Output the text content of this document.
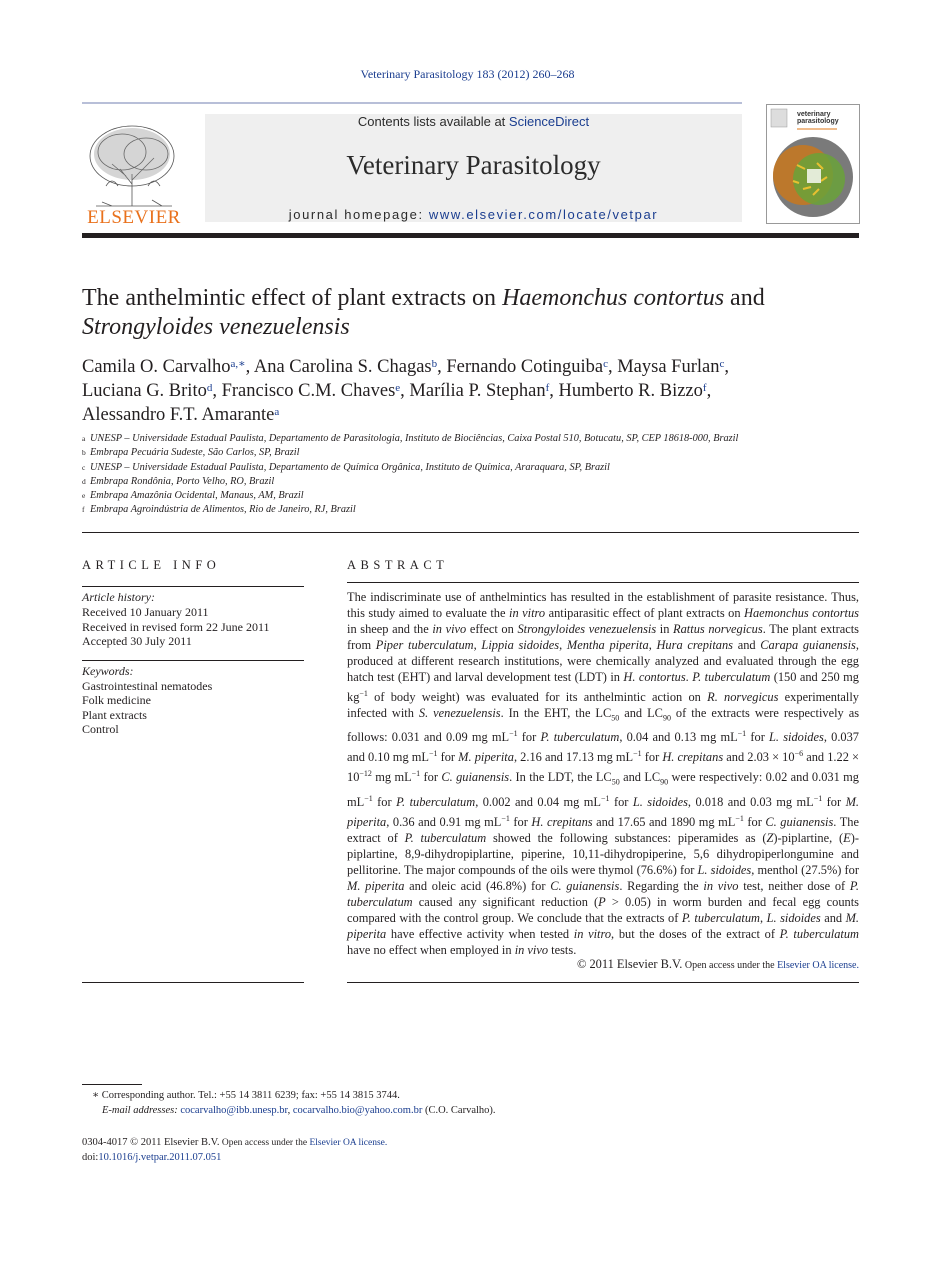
Veterinary Parasitology 183 (2012) 260–268
ELSEVIER
Contents lists available at ScienceDirect
Veterinary Parasitology
journal homepage: www.elsevier.com/locate/vetpar
veterinary parasitology
The anthelmintic effect of plant extracts on Haemonchus contortus and
Strongyloides venezuelensis
Camila O. Carvalho$^{a,∗}$, Ana Carolina S. Chagas$^b$, Fernando Cotinguiba$^c$, Maysa Furlan$^c$,
Luciana G. Brito$^d$, Francisco C.M. Chaves$^e$, Marília P. Stephan$^f$, Humberto R. Bizzo$^f$,
Alessandro F.T. Amarante$^a$
a UNESP – Universidade Estadual Paulista, Departamento de Parasitologia, Instituto de Biociências, Caixa Postal 510, Botucatu, SP, CEP 18618-000, Brazil
b Embrapa Pecuária Sudeste, São Carlos, SP, Brazil
c UNESP – Universidade Estadual Paulista, Departamento de Química Orgânica, Instituto de Química, Araraquara, SP, Brazil
d Embrapa Rondônia, Porto Velho, RO, Brazil
e Embrapa Amazônia Ocidental, Manaus, AM, Brazil
f Embrapa Agroindústria de Alimentos, Rio de Janeiro, RJ, Brazil
ARTICLE INFO
Article history:
Received 10 January 2011
Received in revised form 22 June 2011
Accepted 30 July 2011
Keywords:
Gastrointestinal nematodes
Folk medicine
Plant extracts
Control
ABSTRACT

The indiscriminate use of anthelmintics has resulted in the establishment of parasite resistance. Thus, this study aimed to evaluate the in vitro antiparasitic effect of plant extracts on Haemonchus contortus in sheep and the in vivo effect on Strongyloides venezuelensis in Rattus norvegicus. The plant extracts from Piper tuberculatum, Lippia sidoides, Mentha piperita, Hura crepitans and Carapa guianensis, produced at different research institutions, were chemically analyzed and evaluated through the egg hatch test (EHT) and larval development test (LDT) in H. contortus. P. tuberculatum (150 and 250 mg $kg^{-1}$ of body weight) was evaluated for its anthelmintic action on R. norvegicus experimentally infected with S. venezuelensis. In the EHT, the $LC_{50}$ and $LC_{90}$ of the extracts were respectively as follows: 0.031 and 0.09 mg $mL^{-1}$ for P. tuberculatum, 0.04 and 0.13 mg $mL^{-1}$ for L. sidoides, 0.037 and 0.10 mg $mL^{-1}$ for M. piperita, 2.16 and 17.13 mg $mL^{-1}$ for H. crepitans and $2.03 \times 10^{-6}$ and $1.22 \times 10^{-12}$ mg $mL^{-1}$ for C. guianensis. In the LDT, the $LC_{50}$ and $LC_{90}$ were respectively: 0.02 and 0.031 mg $mL^{-1}$ for P. tuberculatum, 0.002 and 0.04 mg $mL^{-1}$ for L. sidoides, 0.018 and 0.03 mg $mL^{-1}$ for M. piperita, 0.36 and 0.91 mg $mL^{-1}$ for H. crepitans and 17.65 and 1890 mg $mL^{-1}$ for C. guianensis. The extract of P. tuberculatum showed the following substances: piperamides as (Z)-piplartine, (E)-piplartine, 8,9-dihydropiplartine, piperine, 10,11-dihydropiperine, 5,6 dihydropiperlongumine and pellitorine. The major compounds of the oils were thymol (76.6%) for L. sidoides, menthol (27.5%) for M. piperita and oleic acid (46.8%) for C. guianensis. Regarding the in vivo test, neither dose of P. tuberculatum caused any significant reduction (P > 0.05) in worm burden and fecal egg counts compared with the control group. We conclude that the extracts of P. tuberculatum, L. sidoides and M. piperita have effective activity when tested in vitro, but the doses of the extract of P. tuberculatum have no effect when employed in in vivo tests.

© 2011 Elsevier B.V. Open access under the Elsevier OA license.
∗ Corresponding author. Tel.: +55 14 3811 6239; fax: +55 14 3815 3744.
E-mail addresses: cocarvalho@ibb.unesp.br, cocarvalho.bio@yahoo.com.br (C.O. Carvalho).
0304-4017 © 2011 Elsevier B.V. Open access under the Elsevier OA license.
doi:10.1016/j.vetpar.2011.07.051
